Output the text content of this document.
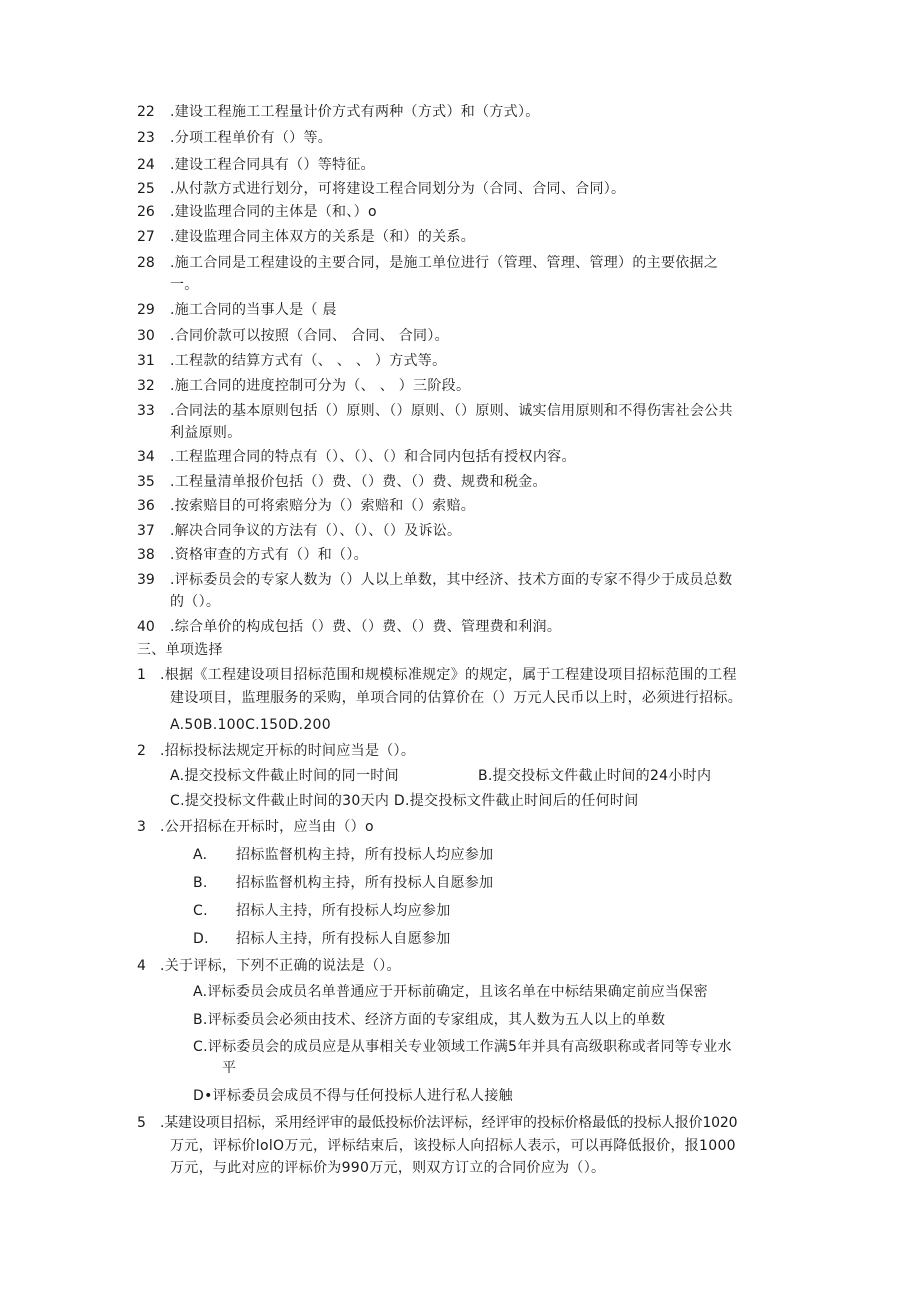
22 .建设工程施工工程量计价方式有两种（方式）和（方式）。
23 .分项工程单价有（）等。
24 .建设工程合同具有（）等特征。
25 .从付款方式进行划分，可将建设工程合同划分为（合同、合同、合同）。
26 .建设监理合同的主体是（和、）o
27 .建设监理合同主体双方的关系是（和）的关系。
28 .施工合同是工程建设的主要合同，是施工单位进行（管理、管理、管理）的主要依据之
一。
29 .施工合同的当事人是（ 晨
30 .合同价款可以按照（合同、 合同、 合同）。
31 .工程款的结算方式有（、 、 、 ）方式等。
32 .施工合同的进度控制可分为（、 、 ）三阶段。
33 .合同法的基本原则包括（）原则、（）原则、（）原则、诚实信用原则和不得伤害社会公共
利益原则。
34 .工程监理合同的特点有（）、（）、（）和合同内包括有授权内容。
35 .工程量清单报价包括（）费、（）费、（）费、规费和税金。
36 .按索赔目的可将索赔分为（）索赔和（）索赔。
37 .解决合同争议的方法有（）、（）、（）及诉讼。
38 .资格审查的方式有（）和（）。
39 .评标委员会的专家人数为（）人以上单数，其中经济、技术方面的专家不得少于成员总数
的（）。
40 .综合单价的构成包括（）费、（）费、（）费、管理费和利润。
三、单项选择
1 .根据《工程建设项目招标范围和规模标准规定》的规定，属于工程建设项目招标范围的工程
建设项目，监理服务的采购，单项合同的估算价在（）万元人民币以上时，必须进行招标。
A.50B.100C.150D.200
2 .招标投标法规定开标的时间应当是（）。
A.提交投标文件截止时间的同一时间	B.提交投标文件截止时间的24小时内
C.提交投标文件截止时间的30天内 D.提交投标文件截止时间后的任何时间
3 .公开招标在开标时，应当由（）o
A. 招标监督机构主持，所有投标人均应参加
B. 招标监督机构主持，所有投标人自愿参加
C. 招标人主持，所有投标人均应参加
D. 招标人主持，所有投标人自愿参加
4 .关于评标，下列不正确的说法是（）。
A.评标委员会成员名单普通应于开标前确定，且该名单在中标结果确定前应当保密
B.评标委员会必须由技术、经济方面的专家组成，其人数为五人以上的单数
C.评标委员会的成员应是从事相关专业领域工作满5年并具有高级职称或者同等专业水
平
D•评标委员会成员不得与任何投标人进行私人接触
5 .某建设项目招标，采用经评审的最低投标价法评标，经评审的投标价格最低的投标人报价1020
万元，评标价lolO万元，评标结束后，该投标人向招标人表示，可以再降低报价，报1000
万元，与此对应的评标价为990万元，则双方订立的合同价应为（）。
